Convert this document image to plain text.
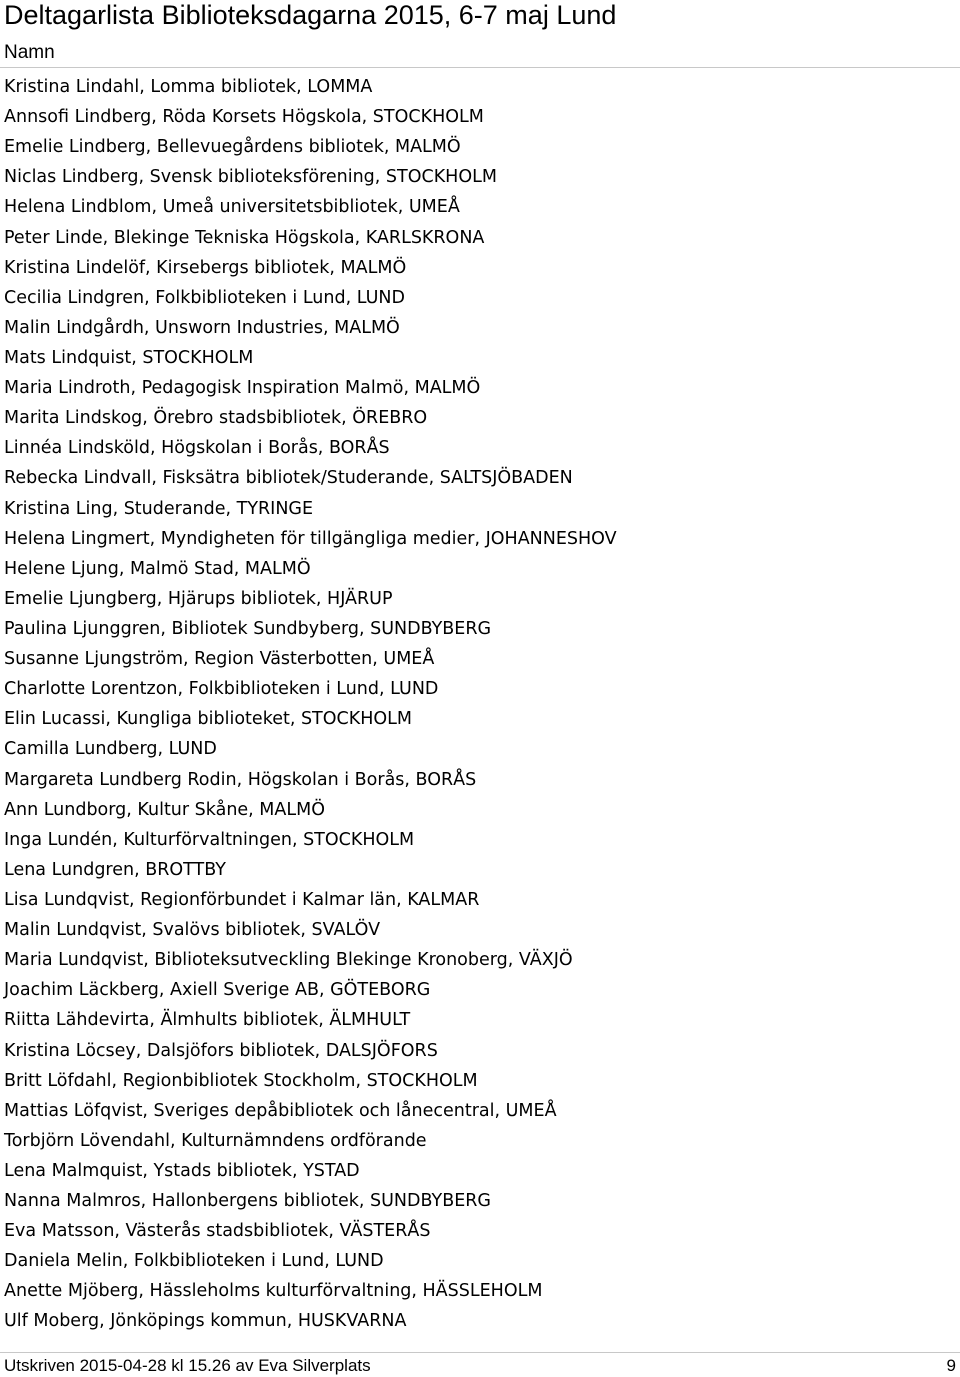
Deltagarlista Biblioteksdagarna 2015, 6-7 maj Lund
Namn
Kristina Lindahl, Lomma bibliotek, LOMMA
Annsofi Lindberg, Röda Korsets Högskola, STOCKHOLM
Emelie Lindberg, Bellevuegårdens bibliotek, MALMÖ
Niclas Lindberg, Svensk biblioteksförening, STOCKHOLM
Helena Lindblom, Umeå universitetsbibliotek, UMEÅ
Peter Linde, Blekinge Tekniska Högskola, KARLSKRONA
Kristina Lindelöf, Kirsebergs bibliotek, MALMÖ
Cecilia Lindgren, Folkbiblioteken i Lund, LUND
Malin Lindgårdh, Unsworn Industries, MALMÖ
Mats Lindquist, STOCKHOLM
Maria Lindroth, Pedagogisk Inspiration Malmö, MALMÖ
Marita Lindskog, Örebro stadsbibliotek, ÖREBRO
Linnéa Lindsköld, Högskolan i Borås, BORÅS
Rebecka Lindvall, Fisksätra bibliotek/Studerande, SALTSJÖBADEN
Kristina Ling, Studerande, TYRINGE
Helena Lingmert, Myndigheten för tillgängliga medier, JOHANNESHOV
Helene Ljung, Malmö Stad, MALMÖ
Emelie Ljungberg, Hjärups bibliotek, HJÄRUP
Paulina Ljunggren, Bibliotek Sundbyberg, SUNDBYBERG
Susanne Ljungström, Region Västerbotten, UMEÅ
Charlotte Lorentzon, Folkbiblioteken i Lund, LUND
Elin Lucassi, Kungliga biblioteket, STOCKHOLM
Camilla Lundberg, LUND
Margareta Lundberg Rodin, Högskolan i Borås, BORÅS
Ann Lundborg, Kultur Skåne, MALMÖ
Inga Lundén, Kulturförvaltningen, STOCKHOLM
Lena Lundgren, BROTTBY
Lisa Lundqvist, Regionförbundet i Kalmar län, KALMAR
Malin Lundqvist, Svalövs bibliotek, SVALÖV
Maria Lundqvist, Biblioteksutveckling Blekinge Kronoberg, VÄXJÖ
Joachim Läckberg, Axiell Sverige AB, GÖTEBORG
Riitta Lähdevirta, Älmhults bibliotek, ÄLMHULT
Kristina Löcsey, Dalsjöfors bibliotek, DALSJÖFORS
Britt Löfdahl, Regionbibliotek Stockholm, STOCKHOLM
Mattias Löfqvist, Sveriges depåbibliotek och lånecentral, UMEÅ
Torbjörn Lövendahl, Kulturnämndens ordförande
Lena Malmquist, Ystads bibliotek, YSTAD
Nanna Malmros, Hallonbergens bibliotek, SUNDBYBERG
Eva Matsson, Västerås stadsbibliotek, VÄSTERÅS
Daniela Melin, Folkbiblioteken i Lund, LUND
Anette Mjöberg, Hässleholms kulturförvaltning, HÄSSLEHOLM
Ulf Moberg, Jönköpings kommun, HUSKVARNA
Utskriven 2015-04-28 kl 15.26 av Eva Silverplats	9
